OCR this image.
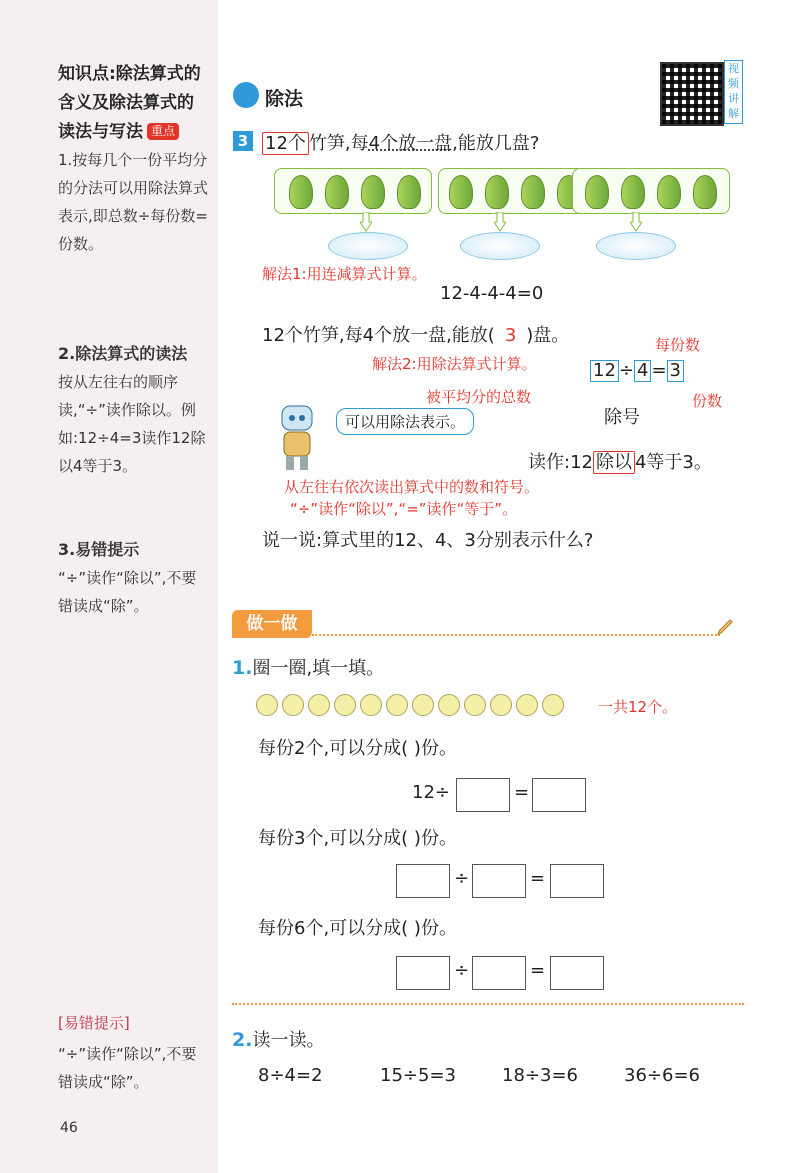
知识点:除法算式的含义及除法算式的读法与写法 重点
1.按每几个一份平均分的分法可以用除法算式表示,即总数÷每份数=份数。
2.除法算式的读法
按从左往右的顺序读,“÷”读作除以。例如:12÷4=3读作12除以4等于3。
3.易错提示
“÷”读作“除以”,不要错读成“除”。
[易错提示]
“÷”读作“除以”,不要错读成“除”。
46
除法
视频讲解
3 12个 竹笋,每4个放一盘,能放几盘?
解法1:用连减算式计算。
12-4-4-4=0
12个竹笋,每4个放一盘,能放( 3 )盘。	每份数
解法2:用除法算式计算。	12 ÷ 4 = 3
被平均分的总数	份数
除号
可以用除法表示。
读作:12 除以 4等于3。
从左往右依次读出算式中的数和符号。
“÷”读作“除以”,“=”读作“等于”。
说一说:算式里的12、4、3分别表示什么?
做一做
1.圈一圈,填一填。
一共12个。
每份2个,可以分成( )份。
12÷	=
每份3个,可以分成( )份。
÷	=
每份6个,可以分成( )份。
÷	=
2.读一读。
8÷4=2	15÷5=3	18÷3=6	36÷6=6
